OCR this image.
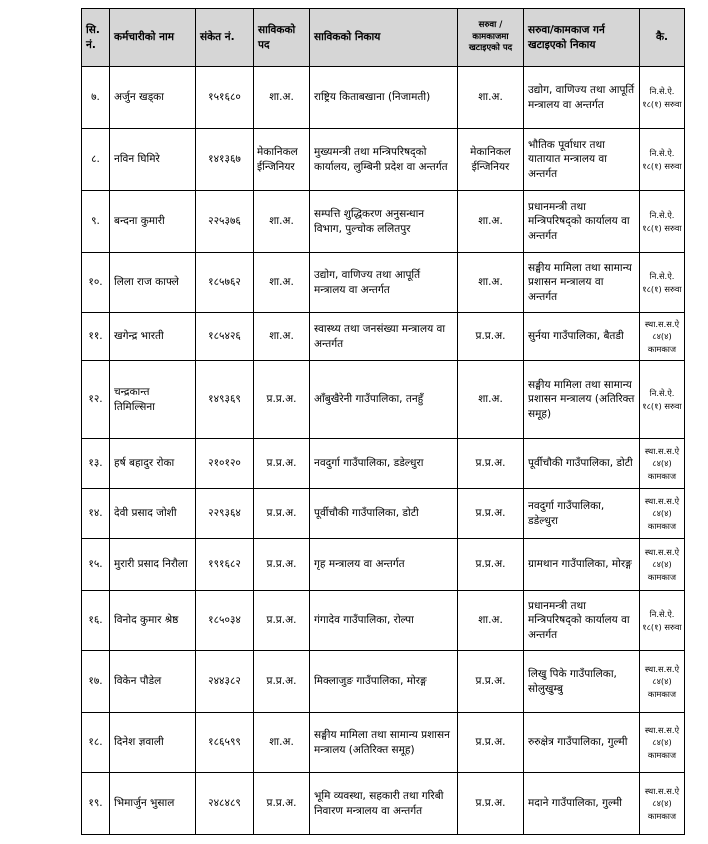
सि. नं.	कर्मचारीको नाम	संकेत नं.	साविकको पद	साविकको निकाय	सरुवा / कामकाजमा खटाइएको पद	सरुवा/कामकाज गर्न खटाइएको निकाय	कै.
७.	अर्जुन खड्का	१५१६८०	शा.अ.	राष्ट्रिय किताबखाना (निजामती)	शा.अ.	उद्योग, वाणिज्य तथा आपूर्ति मन्त्रालय वा अन्तर्गत	नि.से.ऐ. १८(१) सरुवा
८.	नविन घिमिरे	१४१३६७	मेकानिकल ईन्जिनियर	मुख्यमन्त्री तथा मन्त्रिपरिषद्को कार्यालय, लुम्बिनी प्रदेश वा अन्तर्गत	मेकानिकल ईन्जिनियर	भौतिक पूर्वाधार तथा यातायात मन्त्रालय वा अन्तर्गत	नि.से.ऐ. १८(१) सरुवा
९.	बन्दना कुमारी	२२५३७६	शा.अ.	सम्पत्ति शुद्धिकरण अनुसन्धान विभाग, पुल्चोक ललितपुर	शा.अ.	प्रधानमन्त्री तथा मन्त्रिपरिषद्को कार्यालय वा अन्तर्गत	नि.से.ऐ. १८(१) सरुवा
१०.	लिला राज काफ्ले	१८५७६२	शा.अ.	उद्योग, वाणिज्य तथा आपूर्ति मन्त्रालय वा अन्तर्गत	शा.अ.	सङ्घीय मामिला तथा सामान्य प्रशासन मन्त्रालय वा अन्तर्गत	नि.से.ऐ. १८(१) सरुवा
११.	खगेन्द्र भारती	१८५४२६	शा.अ.	स्वास्थ्य तथा जनसंख्या मन्त्रालय वा अन्तर्गत	प्र.प्र.अ.	सुर्नया गाउँपालिका, बैतडी	स्था.स.स.ऐ ८४(४) कामकाज
१२.	चन्द्रकान्त तिमिल्सिना	१४९३६९	प्र.प्र.अ.	आँबुखैरेनी गाउँपालिका, तनहुँ	शा.अ.	सङ्घीय मामिला तथा सामान्य प्रशासन मन्त्रालय (अतिरिक्त समूह)	नि.से.ऐ. १८(१) सरुवा
१३.	हर्ष बहादुर रोका	२१०१२०	प्र.प्र.अ.	नवदुर्गा गाउँपालिका, डडेल्धुरा	प्र.प्र.अ.	पूर्वीचौकी गाउँपालिका, डोटी	स्था.स.स.ऐ ८४(४) कामकाज
१४.	देवी प्रसाद जोशी	२२९३६४	प्र.प्र.अ.	पूर्वीचौकी गाउँपालिका, डोटी	प्र.प्र.अ.	नवदुर्गा गाउँपालिका, डडेल्धुरा	स्था.स.स.ऐ ८४(४) कामकाज
१५.	मुरारी प्रसाद निरौला	१९१६८२	प्र.प्र.अ.	गृह मन्त्रालय वा अन्तर्गत	प्र.प्र.अ.	ग्रामथान गाउँपालिका, मोरङ्ग	स्था.स.स.ऐ ८४(४) कामकाज
१६.	विनोद कुमार श्रेष्ठ	१८५०३४	प्र.प्र.अ.	गंगादेव गाउँपालिका, रोल्पा	शा.अ.	प्रधानमन्त्री तथा मन्त्रिपरिषद्को कार्यालय वा अन्तर्गत	नि.से.ऐ. १८(१) सरुवा
१७.	विकेन पौडेल	२४४३८२	प्र.प्र.अ.	मिक्लाजुङ गाउँपालिका, मोरङ्ग	प्र.प्र.अ.	लिखु पिके गाउँपालिका, सोलुखुम्बु	स्था.स.स.ऐ ८४(४) कामकाज
१८.	दिनेश ज्ञवाली	१८६५९९	शा.अ.	सङ्घीय मामिला तथा सामान्य प्रशासन मन्त्रालय (अतिरिक्त समूह)	प्र.प्र.अ.	रुरुक्षेत्र गाउँपालिका, गुल्मी	स्था.स.स.ऐ ८४(४) कामकाज
१९.	भिमार्जुन भुसाल	२४८४८९	प्र.प्र.अ.	भूमि व्यवस्था, सहकारी तथा गरिबी निवारण मन्त्रालय वा अन्तर्गत	प्र.प्र.अ.	मदाने गाउँपालिका, गुल्मी	स्था.स.स.ऐ ८४(४) कामकाज
